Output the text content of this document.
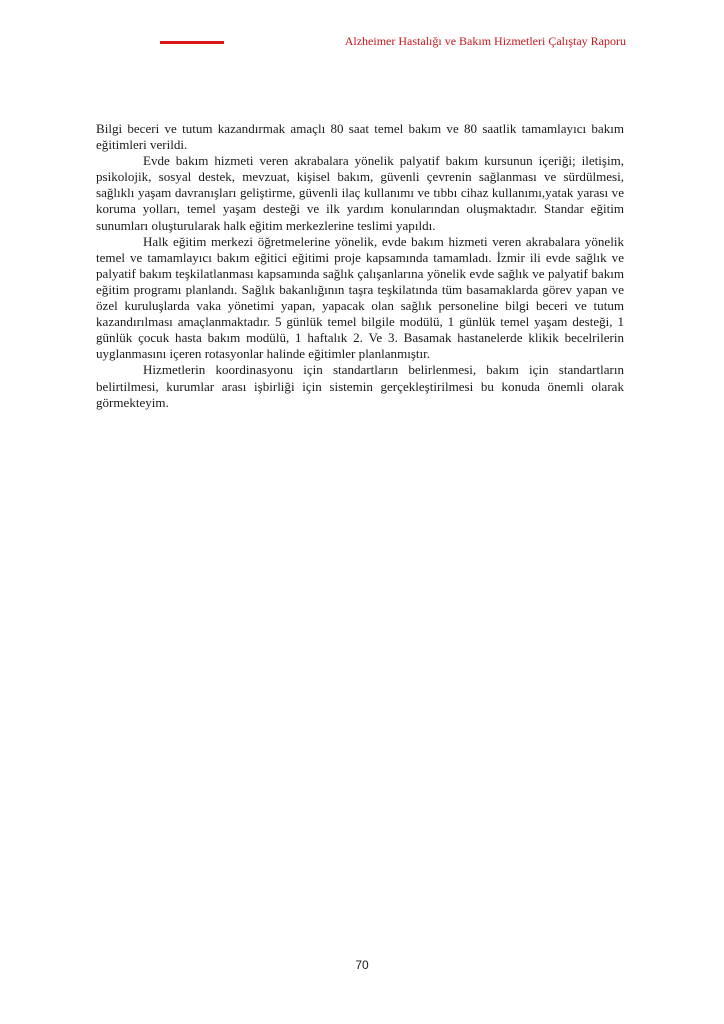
Alzheimer Hastalığı ve Bakım Hizmetleri Çalıştay Raporu

Bilgi beceri ve tutum kazandırmak amaçlı 80 saat temel bakım ve 80 saatlik tamamlayıcı bakım eğitimleri verildi.

Evde bakım hizmeti veren akrabalara yönelik palyatif bakım kursunun içeriği; iletişim, psikolojik, sosyal destek, mevzuat, kişisel bakım, güvenli çevrenin sağlanması ve sürdülmesi, sağlıklı yaşam davranışları geliştirme, güvenli ilaç kullanımı ve tıbbı cihaz kullanımı,yatak yarası ve koruma yolları, temel yaşam desteği ve ilk yardım konularından oluşmaktadır. Standar eğitim sunumları oluşturularak halk eğitim merkezlerine teslimi yapıldı.

Halk eğitim merkezi öğretmelerine yönelik, evde bakım hizmeti veren akrabalara yönelik temel ve tamamlayıcı bakım eğitici eğitimi proje kapsamında tamamladı. İzmir ili evde sağlık ve palyatif bakım teşkilatlanması kapsamında sağlık çalışanlarına yönelik evde sağlık ve palyatif bakım eğitim programı planlandı. Sağlık bakanlığının taşra teşkilatında tüm basamaklarda görev yapan ve özel kuruluşlarda vaka yönetimi yapan, yapacak olan sağlık personeline bilgi beceri ve tutum kazandırılması amaçlanmaktadır. 5 günlük temel bilgile modülü, 1 günlük temel yaşam desteği, 1 günlük çocuk hasta bakım modülü, 1 haftalık 2. Ve 3. Basamak hastanelerde klikik becelrilerin uyglanmasını içeren rotasyonlar halinde eğitimler planlanmıştır.

Hizmetlerin koordinasyonu için standartların belirlenmesi, bakım için standartların belirtilmesi, kurumlar arası işbirliği için sistemin gerçekleştirilmesi bu konuda önemli olarak görmekteyim.

70
